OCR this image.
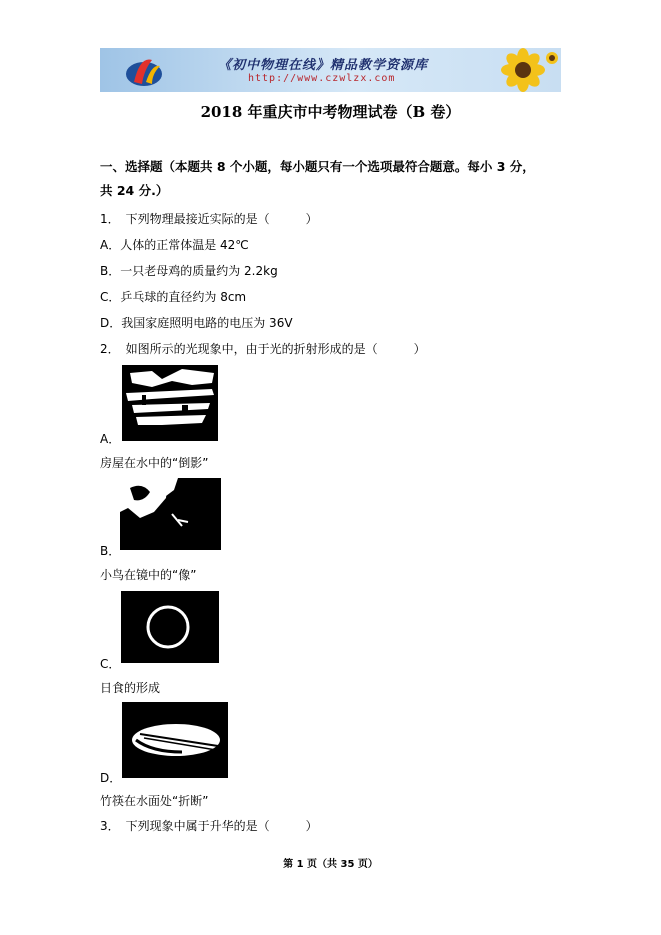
《初中物理在线》精品教学资源库
http://www.czwlzx.com
2018 年重庆市中考物理试卷（B 卷）
一、选择题（本题共 8 个小题，每小题只有一个选项最符合题意。每小 3 分，
共 24 分.）
1．　下列物理最接近实际的是（　　　）
A．人体的正常体温是 42℃
B．一只老母鸡的质量约为 2.2kg
C．乒乓球的直径约为 8cm
D．我国家庭照明电路的电压为 36V
2．　如图所示的光现象中，由于光的折射形成的是（　　　）
A．
房屋在水中的“倒影”
B．
小鸟在镜中的“像”
C．
日食的形成
D．
竹筷在水面处“折断”
3．　下列现象中属于升华的是（　　　）
第 1 页（共 35 页）
